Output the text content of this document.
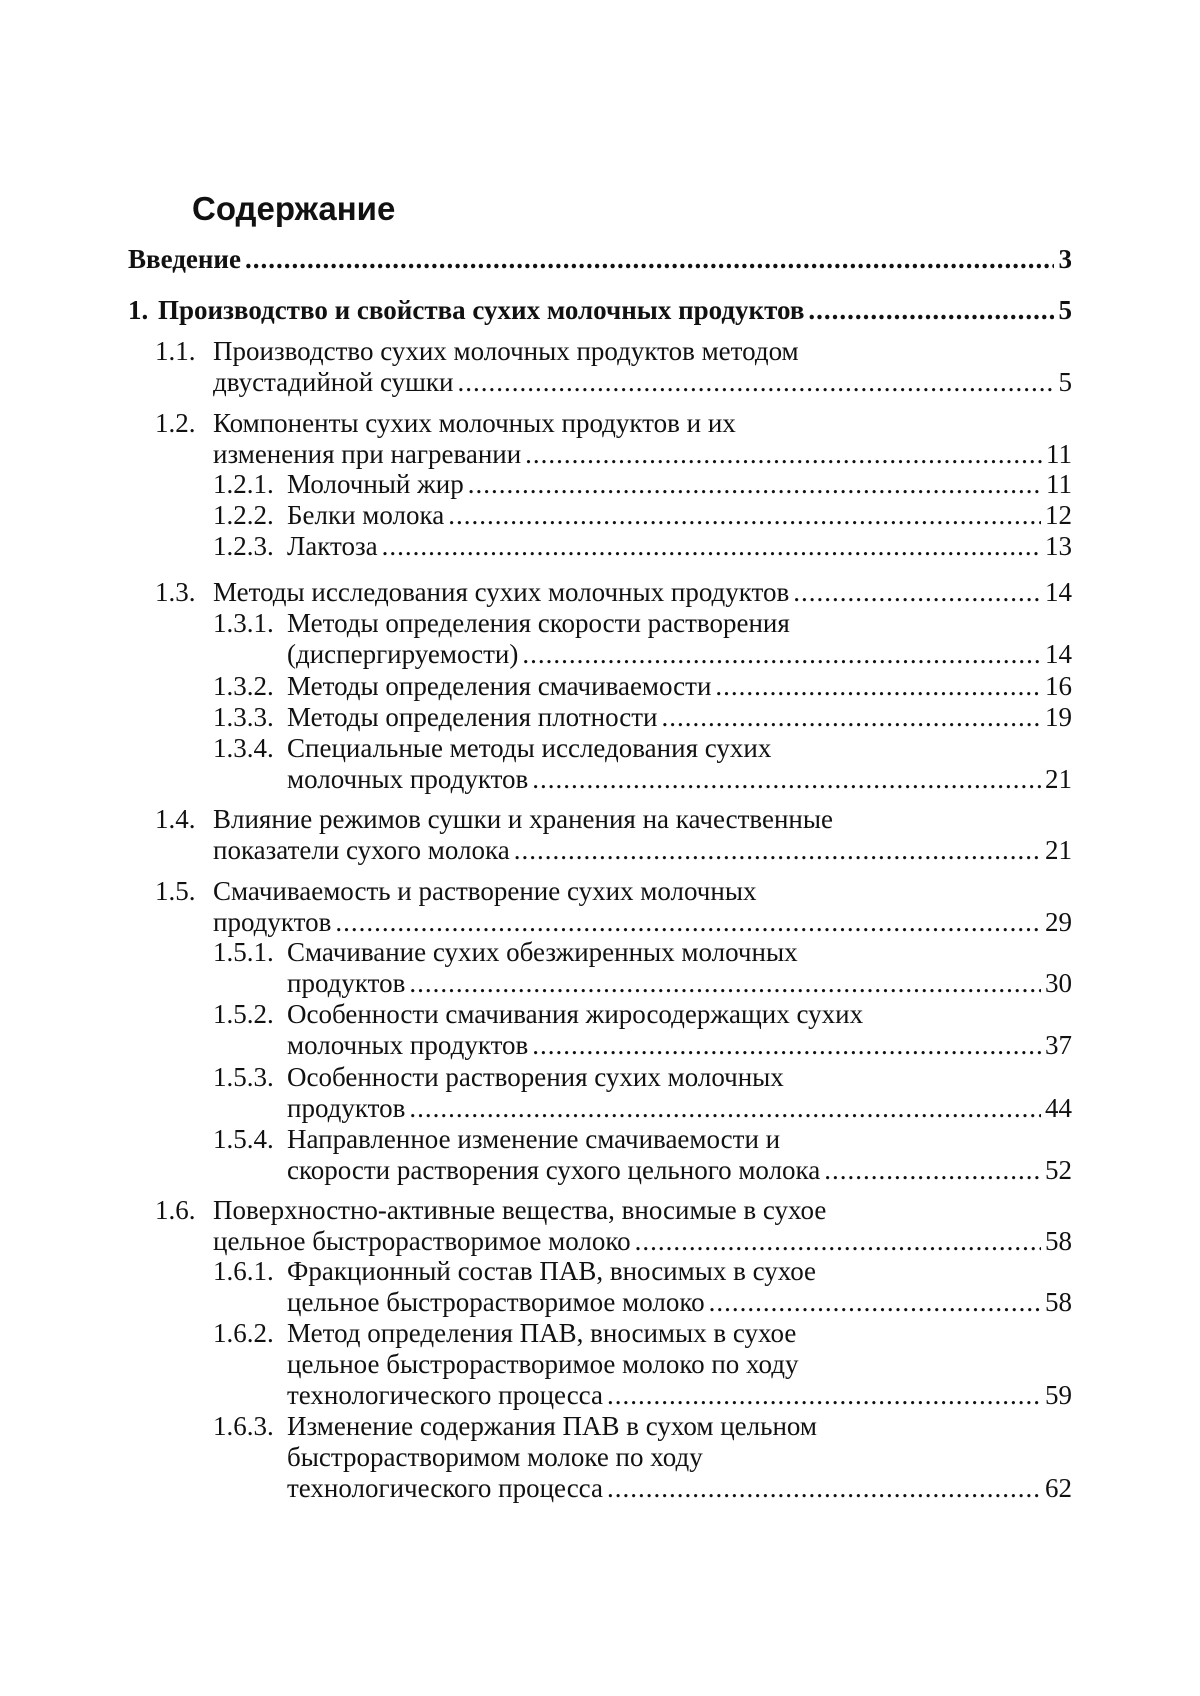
Содержание
Введение .....	3
1. Производство и свойства сухих молочных продуктов .....	5
1.1. Производство сухих молочных продуктов методом
двустадийной сушки .....	5
1.2. Компоненты сухих молочных продуктов и их
изменения при нагревании .....	11
1.2.1. Молочный жир .....	11
1.2.2. Белки молока .....	12
1.2.3. Лактоза .....	13
1.3. Методы исследования сухих молочных продуктов .....	14
1.3.1. Методы определения скорости растворения
(диспергируемости) .....	14
1.3.2. Методы определения смачиваемости .....	16
1.3.3. Методы определения плотности .....	19
1.3.4. Специальные методы исследования сухих
молочных продуктов .....	21
1.4. Влияние режимов сушки и хранения на качественные
показатели сухого молока .....	21
1.5. Смачиваемость и растворение сухих молочных
продуктов .....	29
1.5.1. Смачивание сухих обезжиренных молочных
продуктов .....	30
1.5.2. Особенности смачивания жиросодержащих сухих
молочных продуктов .....	37
1.5.3. Особенности растворения сухих молочных
продуктов .....	44
1.5.4. Направленное изменение смачиваемости и
скорости растворения сухого цельного молока .....	52
1.6. Поверхностно-активные вещества, вносимые в сухое
цельное быстрорастворимое молоко .....	58
1.6.1. Фракционный состав ПАВ, вносимых в сухое
цельное быстрорастворимое молоко .....	58
1.6.2. Метод определения ПАВ, вносимых в сухое
цельное быстрорастворимое молоко по ходу
технологического процесса .....	59
1.6.3. Изменение содержания ПАВ в сухом цельном
быстрорастворимом молоке по ходу
технологического процесса .....	62
